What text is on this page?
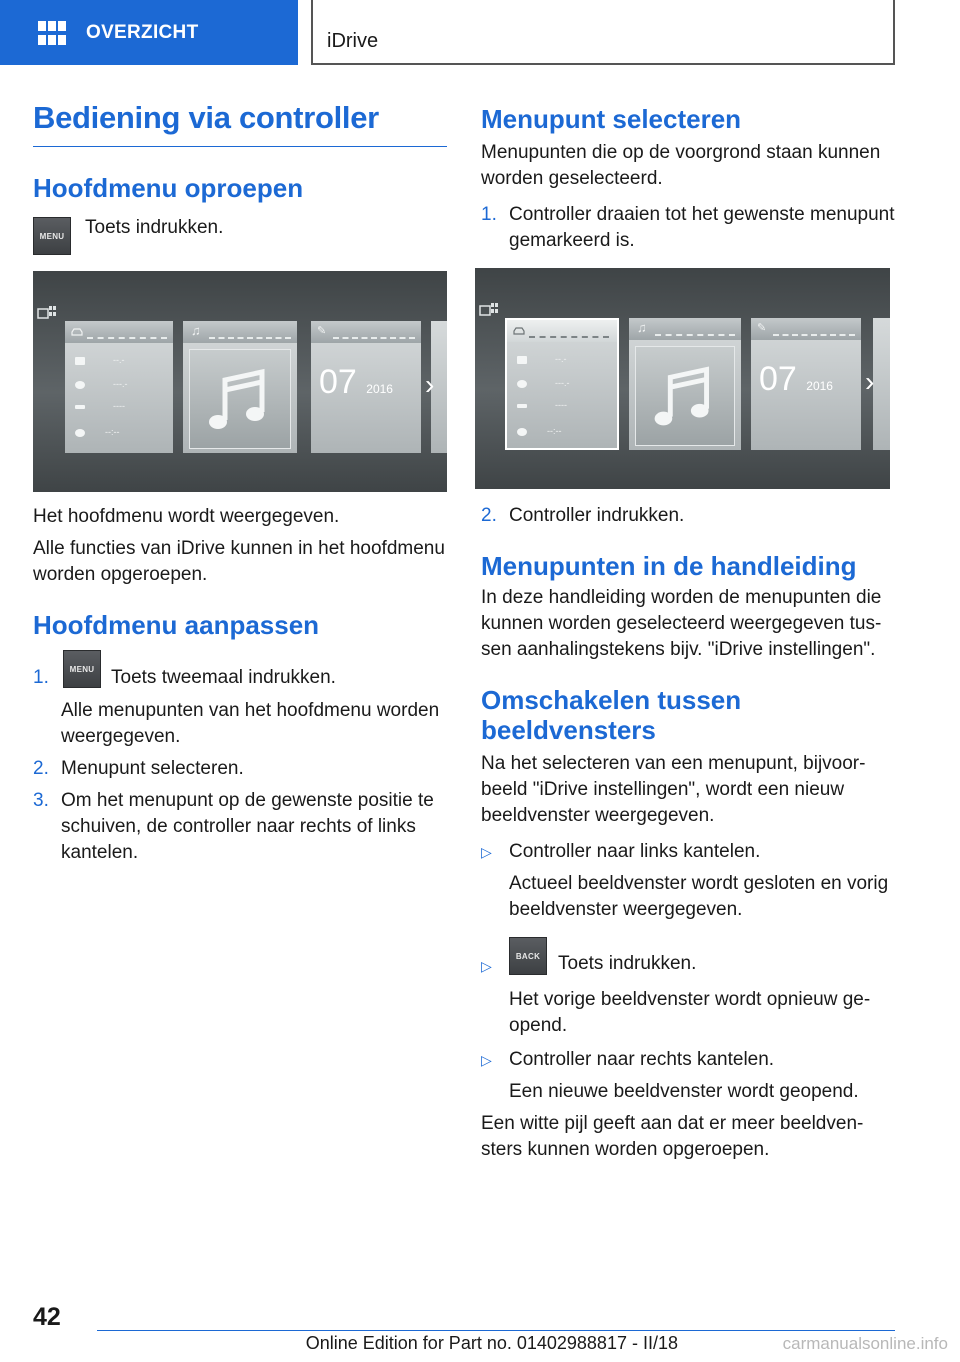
OVERZICHT	iDrive
Bediening via controller
Hoofdmenu oproepen
MENU	Toets indrukken.

--.-
---.-
----
--:--
♫	✎
07 2016 ›

Het hoofdmenu wordt weergegeven.

Alle functies van iDrive kunnen in het hoofdmenu worden opgeroepen.

Hoofdmenu aanpassen
1.	MENU Toets tweemaal indrukken.

Alle menupunten van het hoofdmenu worden weergegeven.

2. Menupunt selecteren.

3. Om het menupunt op de gewenste positie te schuiven, de controller naar rechts of links kantelen.

Menupunt selecteren

Menupunten die op de voorgrond staan kunnen worden geselecteerd.

1. Controller draaien tot het gewenste menupunt gemarkeerd is.

--.-
---.-
----
--:--
♫	✎
07 2016 ›
2. Controller indrukken.

Menupunten in de handleiding

In deze handleiding worden de menupunten die kunnen worden geselecteerd weergegeven tussen aanhalingstekens bijv. "iDrive instellingen".

Omschakelen tussen beeldvensters

Na het selecteren van een menupunt, bijvoorbeeld "iDrive instellingen", wordt een nieuw beeldvenster weergegeven.

▷ Controller naar links kantelen.

Actueel beeldvenster wordt gesloten en vorig beeldvenster weergegeven.

▷
BACK Toets indrukken.

Het vorige beeldvenster wordt opnieuw geopend.

▷ Controller naar rechts kantelen.

Een nieuwe beeldvenster wordt geopend.

Een witte pijl geeft aan dat er meer beeldvensters kunnen worden opgeroepen.

42
Online Edition for Part no. 01402988817 - II/18	carmanualsonline.info
